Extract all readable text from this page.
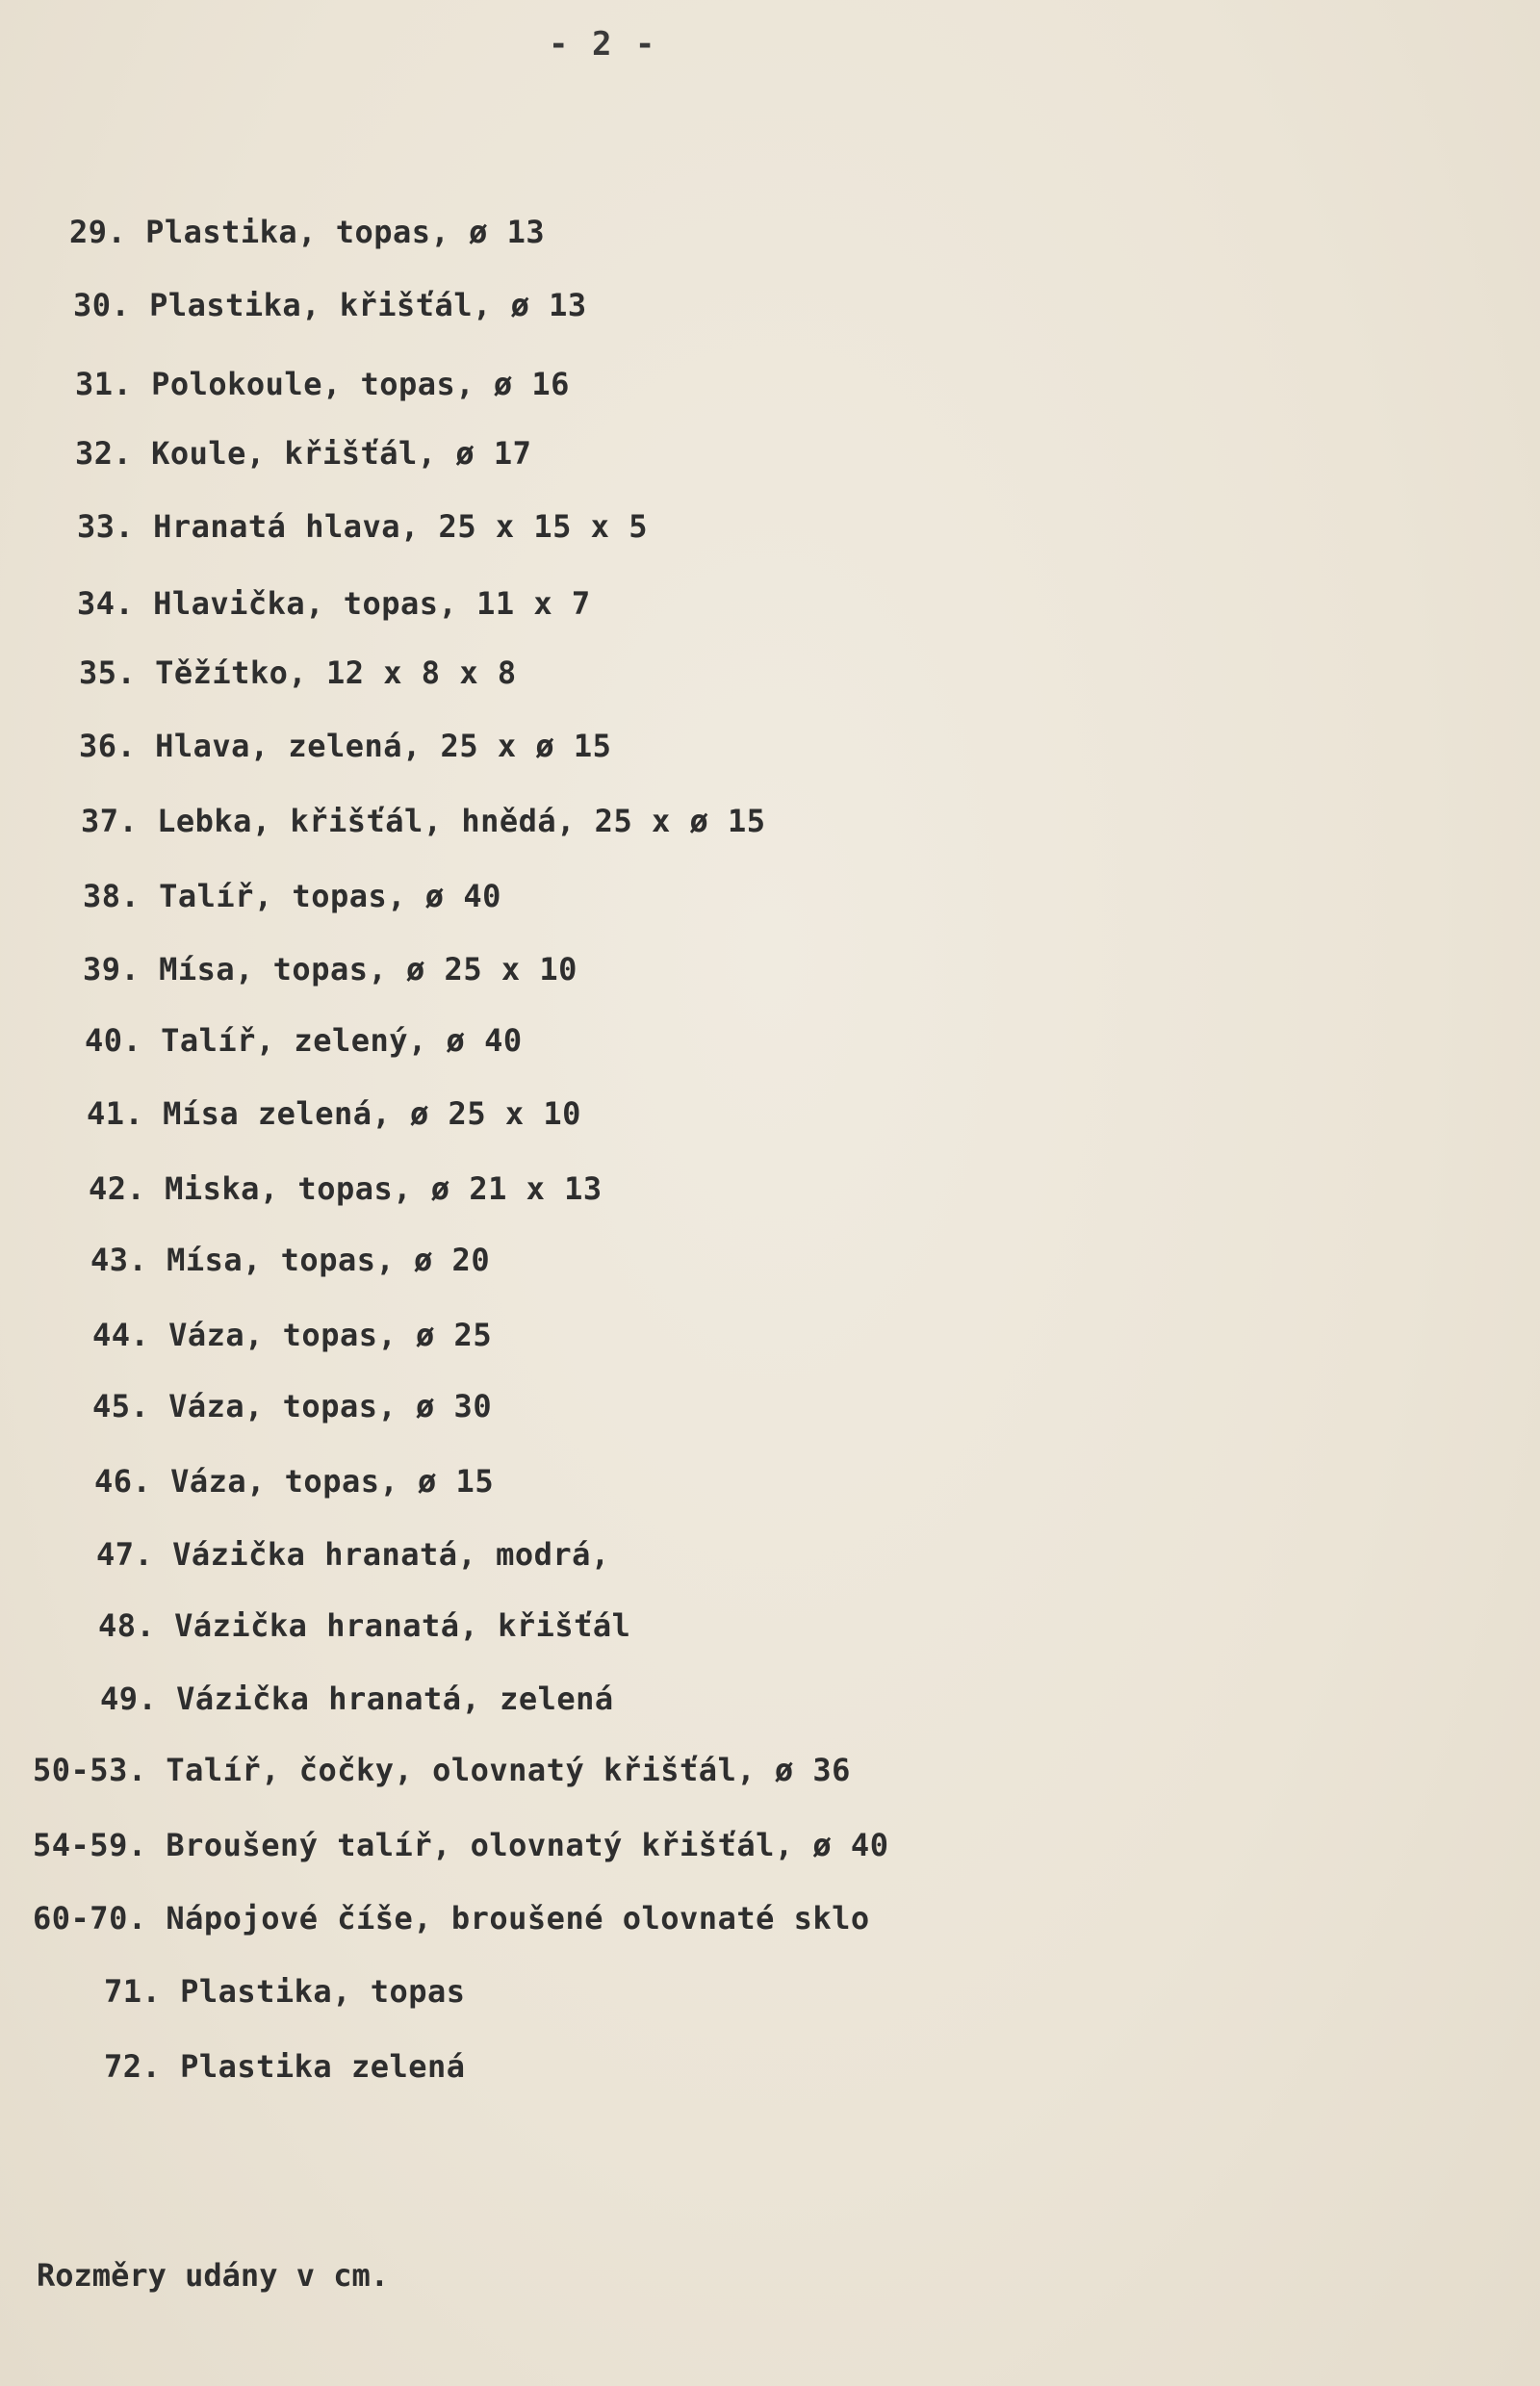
- 2 -
29. Plastika, topas, ø 13
30. Plastika, křišťál, ø 13
31. Polokoule, topas, ø 16
32. Koule, křišťál, ø 17
33. Hranatá hlava, 25 x 15 x 5
34. Hlavička, topas, 11 x 7
35. Těžítko, 12 x 8 x 8
36. Hlava, zelená, 25 x ø 15
37. Lebka, křišťál, hnědá, 25 x ø 15
38. Talíř, topas, ø 40
39. Mísa, topas, ø 25 x 10
40. Talíř, zelený, ø 40
41. Mísa zelená, ø 25 x 10
42. Miska, topas, ø 21 x 13
43. Mísa, topas, ø 20
44. Váza, topas, ø 25
45. Váza, topas, ø 30
46. Váza, topas, ø 15
47. Vázička hranatá, modrá,
48. Vázička hranatá, křišťál
49. Vázička hranatá, zelená
50-53. Talíř, čočky, olovnatý křišťál, ø 36
54-59. Broušený talíř, olovnatý křišťál, ø 40
60-70. Nápojové číše, broušené olovnaté sklo
71. Plastika, topas
72. Plastika zelená
Rozměry udány v cm.
